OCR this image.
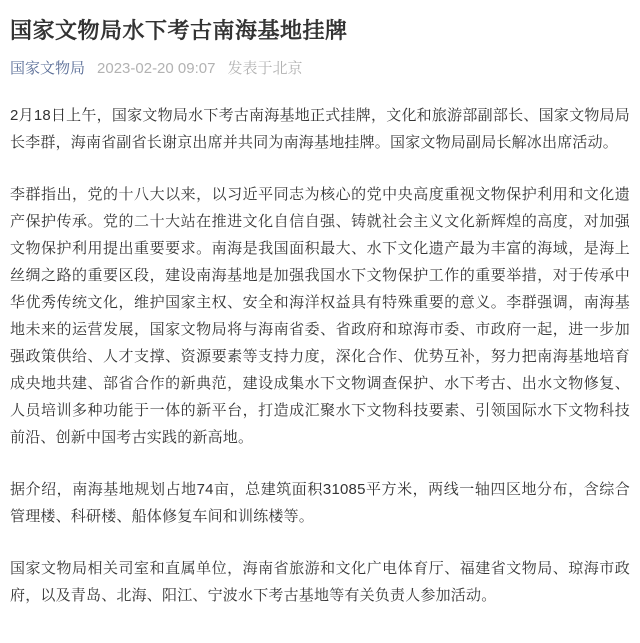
国家文物局水下考古南海基地挂牌
国家文物局 2023-02-20 09:07 发表于北京

2月18日上午，国家文物局水下考古南海基地正式挂牌，文化和旅游部副部长、国家文物局局长李群，海南省副省长谢京出席并共同为南海基地挂牌。国家文物局副局长解冰出席活动。

李群指出，党的十八大以来，以习近平同志为核心的党中央高度重视文物保护利用和文化遗产保护传承。党的二十大站在推进文化自信自强、铸就社会主义文化新辉煌的高度，对加强文物保护利用提出重要要求。南海是我国面积最大、水下文化遗产最为丰富的海域，是海上丝绸之路的重要区段，建设南海基地是加强我国水下文物保护工作的重要举措，对于传承中华优秀传统文化，维护国家主权、安全和海洋权益具有特殊重要的意义。李群强调，南海基地未来的运营发展，国家文物局将与海南省委、省政府和琼海市委、市政府一起，进一步加强政策供给、人才支撑、资源要素等支持力度，深化合作、优势互补，努力把南海基地培育成央地共建、部省合作的新典范，建设成集水下文物调查保护、水下考古、出水文物修复、人员培训多种功能于一体的新平台，打造成汇聚水下文物科技要素、引领国际水下文物科技前沿、创新中国考古实践的新高地。

据介绍，南海基地规划占地74亩，总建筑面积31085平方米，两线一轴四区地分布，含综合管理楼、科研楼、船体修复车间和训练楼等。

国家文物局相关司室和直属单位，海南省旅游和文化广电体育厅、福建省文物局、琼海市政府，以及青岛、北海、阳江、宁波水下考古基地等有关负责人参加活动。
